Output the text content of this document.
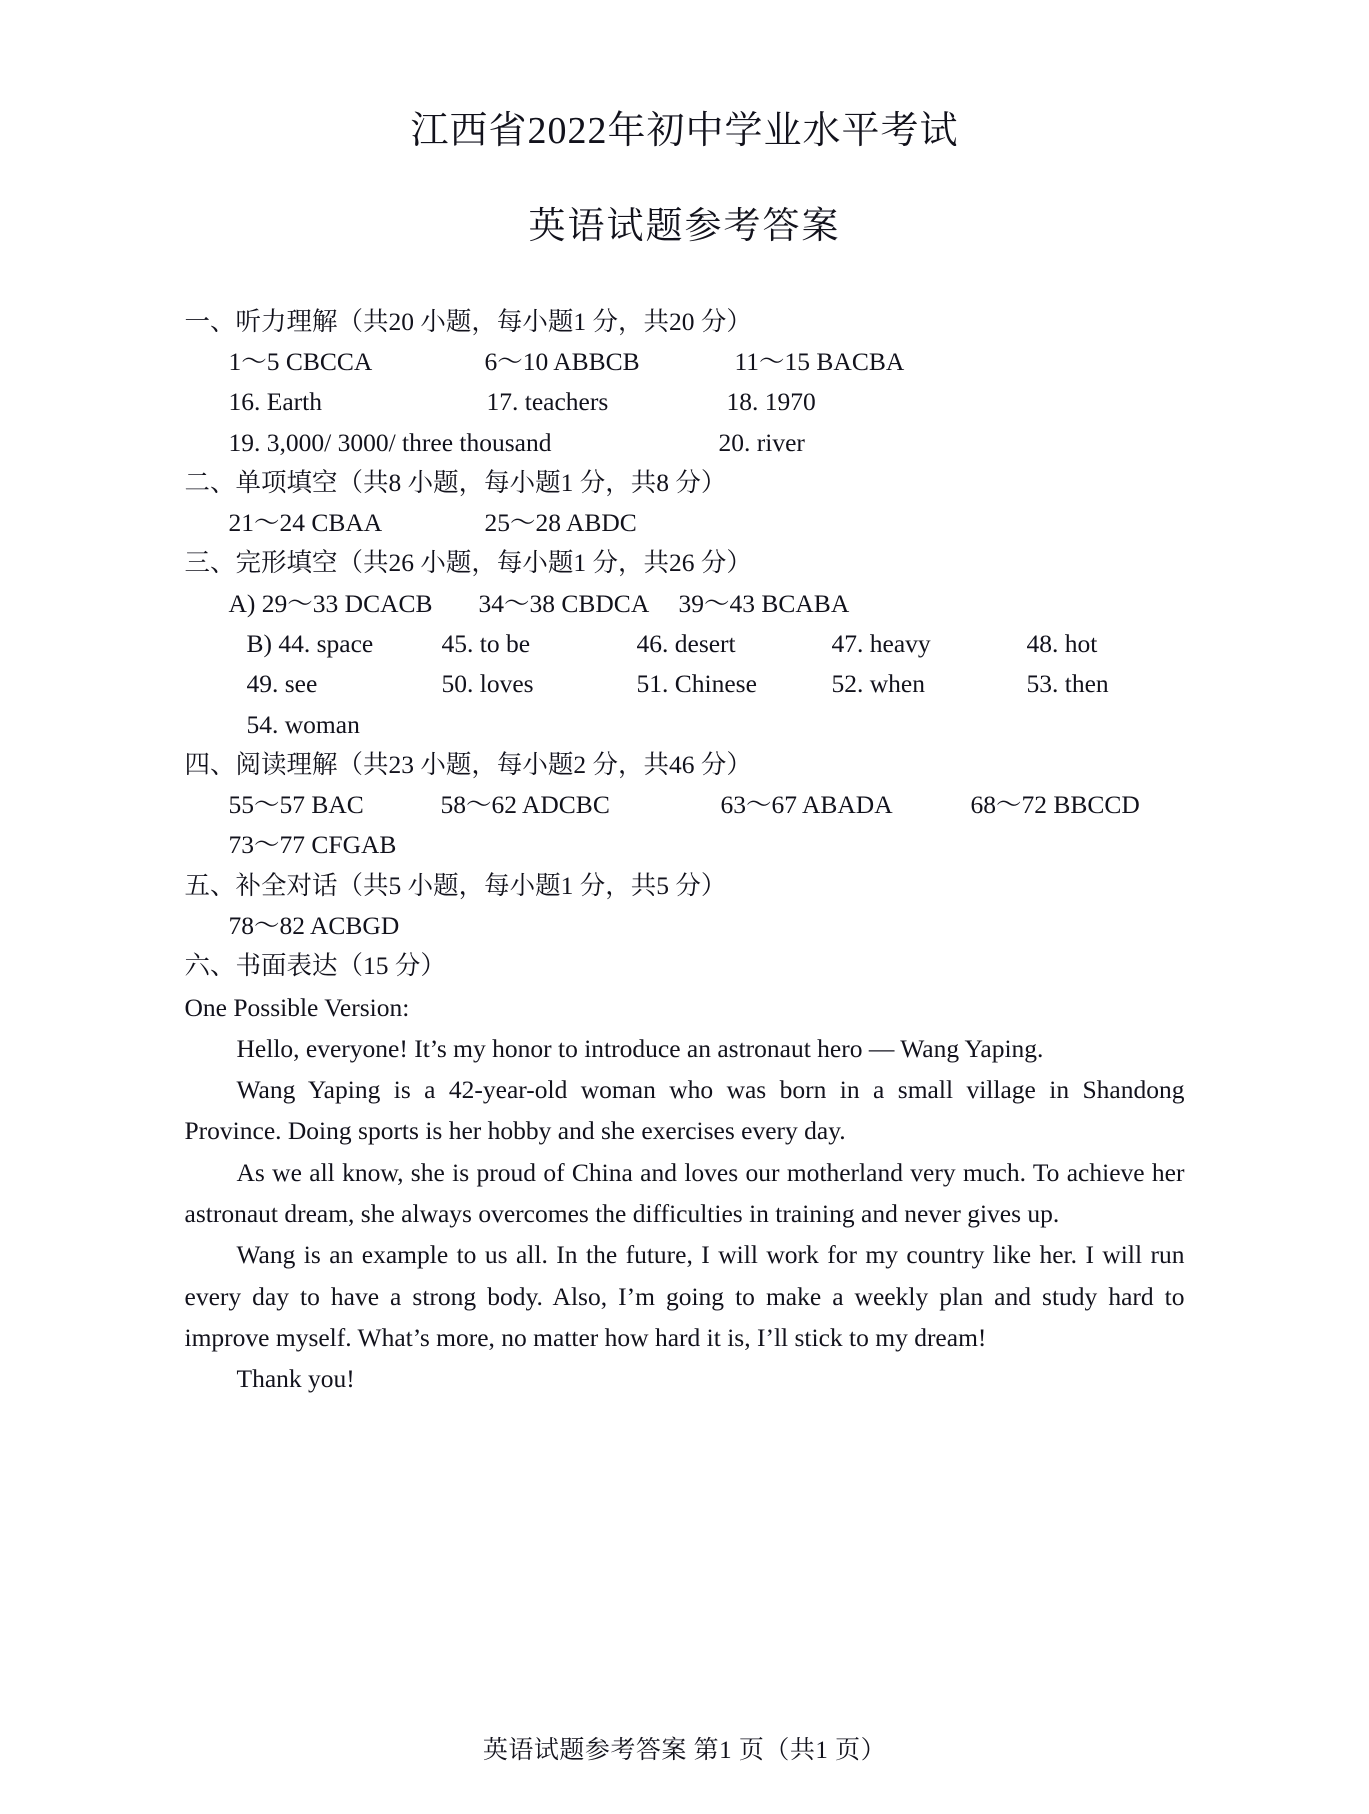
江西省2022年初中学业水平考试
英语试题参考答案

一、听力理解（共20 小题，每小题1 分，共20 分）

1～5 CBCCA	6～10 ABBCB	11～15 BACBA

16. Earth	17. teachers	18. 1970

19. 3,000/ 3000/ three thousand	20. river

二、单项填空（共8 小题，每小题1 分，共8 分）

21～24 CBAA	25～28 ABDC

三、完形填空（共26 小题，每小题1 分，共26 分）

A) 29～33 DCACB 34～38 CBDCA 39～43 BCABA

B) 44. space	45. to be	46. desert	47. heavy	48. hot

49. see	50. loves	51. Chinese	52. when	53. then

54. woman

四、阅读理解（共23 小题，每小题2 分，共46 分）

55～57 BAC	58～62 ADCBC	63～67 ABADA	68～72 BBCCD

73～77 CFGAB

五、补全对话（共5 小题，每小题1 分，共5 分）

78～82 ACBGD

六、书面表达（15 分）

One Possible Version:

Hello, everyone! It’s my honor to introduce an astronaut hero — Wang Yaping.

Wang Yaping is a 42-year-old woman who was born in a small village in Shandong Province. Doing sports is her hobby and she exercises every day.

As we all know, she is proud of China and loves our motherland very much. To achieve her astronaut dream, she always overcomes the difficulties in training and never gives up.

Wang is an example to us all. In the future, I will work for my country like her. I will run every day to have a strong body. Also, I’m going to make a weekly plan and study hard to improve myself. What’s more, no matter how hard it is, I’ll stick to my dream!

Thank you!

英语试题参考答案 第1 页（共1 页）
